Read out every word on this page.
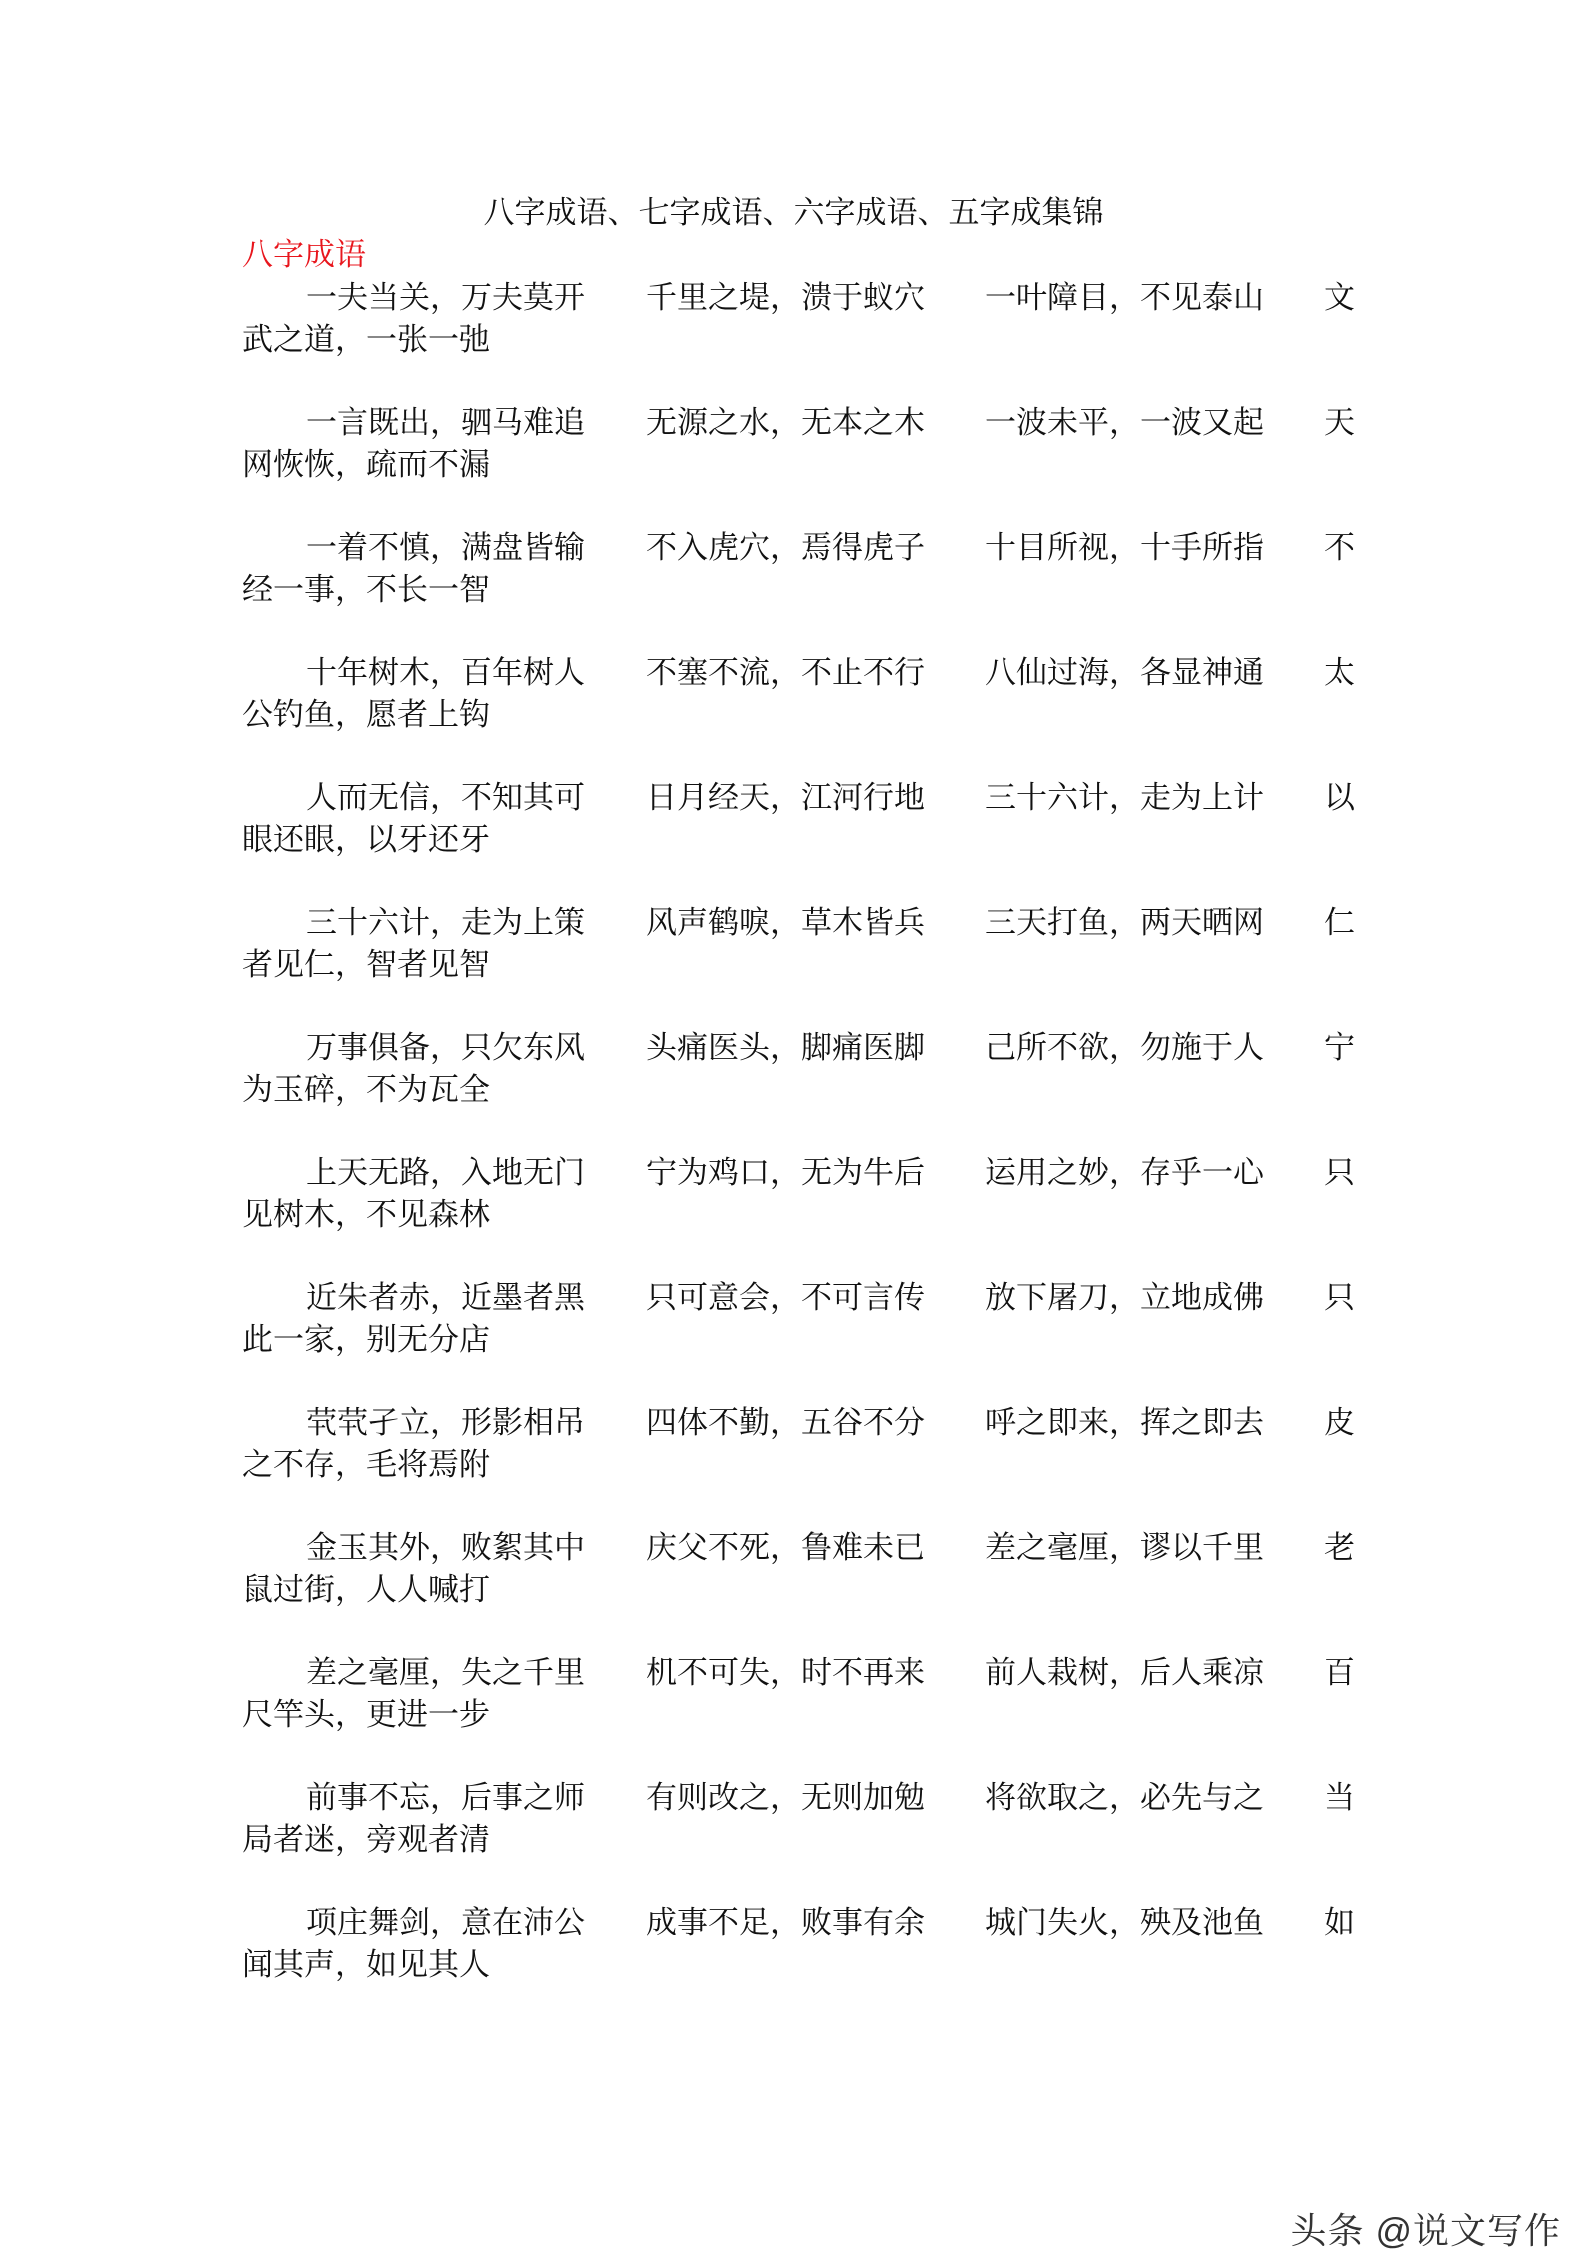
八字成语、七字成语、六字成语、五字成集锦
八字成语
一夫当关，万夫莫开 千里之堤，溃于蚁穴 一叶障目，不见泰山 文
武之道，一张一弛
一言既出，驷马难追 无源之水，无本之木 一波未平，一波又起 天
网恢恢，疏而不漏
一着不慎，满盘皆输 不入虎穴，焉得虎子 十目所视，十手所指 不
经一事，不长一智
十年树木，百年树人 不塞不流，不止不行 八仙过海，各显神通 太
公钓鱼，愿者上钩
人而无信，不知其可 日月经天，江河行地 三十六计，走为上计 以
眼还眼，以牙还牙
三十六计，走为上策 风声鹤唳，草木皆兵 三天打鱼，两天晒网 仁
者见仁，智者见智
万事俱备，只欠东风 头痛医头，脚痛医脚 己所不欲，勿施于人 宁
为玉碎，不为瓦全
上天无路，入地无门 宁为鸡口，无为牛后 运用之妙，存乎一心 只
见树木，不见森林
近朱者赤，近墨者黑 只可意会，不可言传 放下屠刀，立地成佛 只
此一家，别无分店
茕茕孑立，形影相吊 四体不勤，五谷不分 呼之即来，挥之即去 皮
之不存，毛将焉附
金玉其外，败絮其中 庆父不死，鲁难未已 差之毫厘，谬以千里 老
鼠过街，人人喊打
差之毫厘，失之千里 机不可失，时不再来 前人栽树，后人乘凉 百
尺竿头，更进一步
前事不忘，后事之师 有则改之，无则加勉 将欲取之，必先与之 当
局者迷，旁观者清
项庄舞剑，意在沛公 成事不足，败事有余 城门失火，殃及池鱼 如
闻其声，如见其人
头条 @说文写作
